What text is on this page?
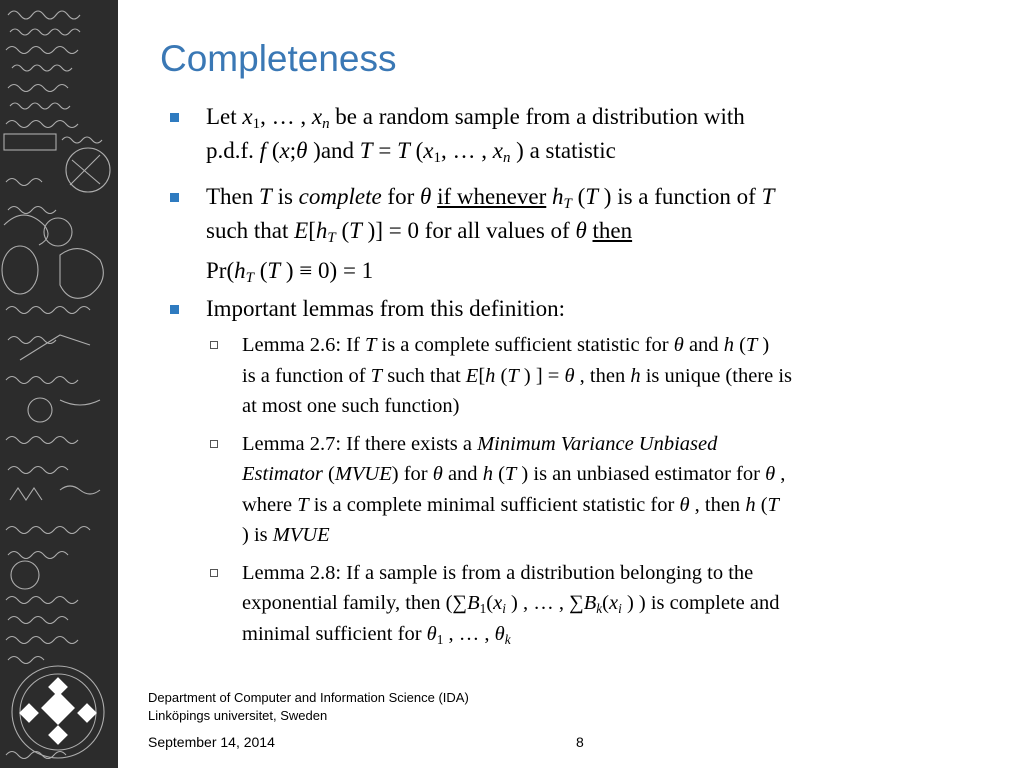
Completeness
Let $x_1$, … , $x_n$ be a random sample from a distribution with
p.d.f. f (x;θ )and T = T ($x_1$, … , $x_n$ ) a statistic
Then T is complete for θ if whenever $h_T$ (T ) is a function of T
such that $E[h_T$ (T )] = 0 for all values of θ then
$Pr(h_T$ (T ) ≡ 0) = 1
Important lemmas from this definition:
Lemma 2.6: If T is a complete sufficient statistic for θ and h (T )
is a function of T such that E[h (T ) ] = θ , then h is unique (there is
at most one such function)
Lemma 2.7: If there exists a Minimum Variance Unbiased
Estimator (MVUE) for θ and h (T ) is an unbiased estimator for θ ,
where T is a complete minimal sufficient statistic for θ , then h (T
) is MVUE
Lemma 2.8: If a sample is from a distribution belonging to the
exponential family, then ($\sum B_1(x_i$ ) , … , $\sum B_k(x_i$ ) ) is complete and
minimal sufficient for $\theta_1$ , … , $\theta_k$
Department of Computer and Information Science (IDA)
Linköpings universitet, Sweden
September 14, 2014	8
